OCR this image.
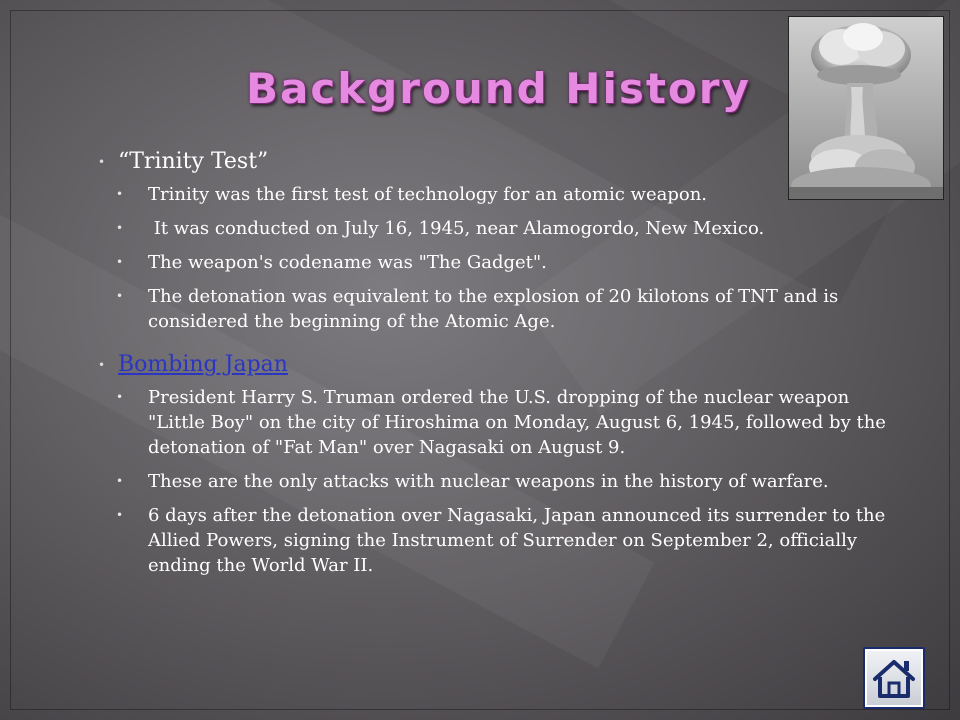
Background History
• “Trinity Test”
• Trinity was the first test of technology for an atomic weapon.
• It was conducted on July 16, 1945, near Alamogordo, New Mexico.
• The weapon's codename was "The Gadget".
• The detonation was equivalent to the explosion of 20 kilotons of TNT and is considered the beginning of the Atomic Age.
• Bombing Japan
• President Harry S. Truman ordered the U.S. dropping of the nuclear weapon "Little Boy" on the city of Hiroshima on Monday, August 6, 1945, followed by the detonation of "Fat Man" over Nagasaki on August 9.
• These are the only attacks with nuclear weapons in the history of warfare.
• 6 days after the detonation over Nagasaki, Japan announced its surrender to the Allied Powers, signing the Instrument of Surrender on September 2, officially ending the World War II.
